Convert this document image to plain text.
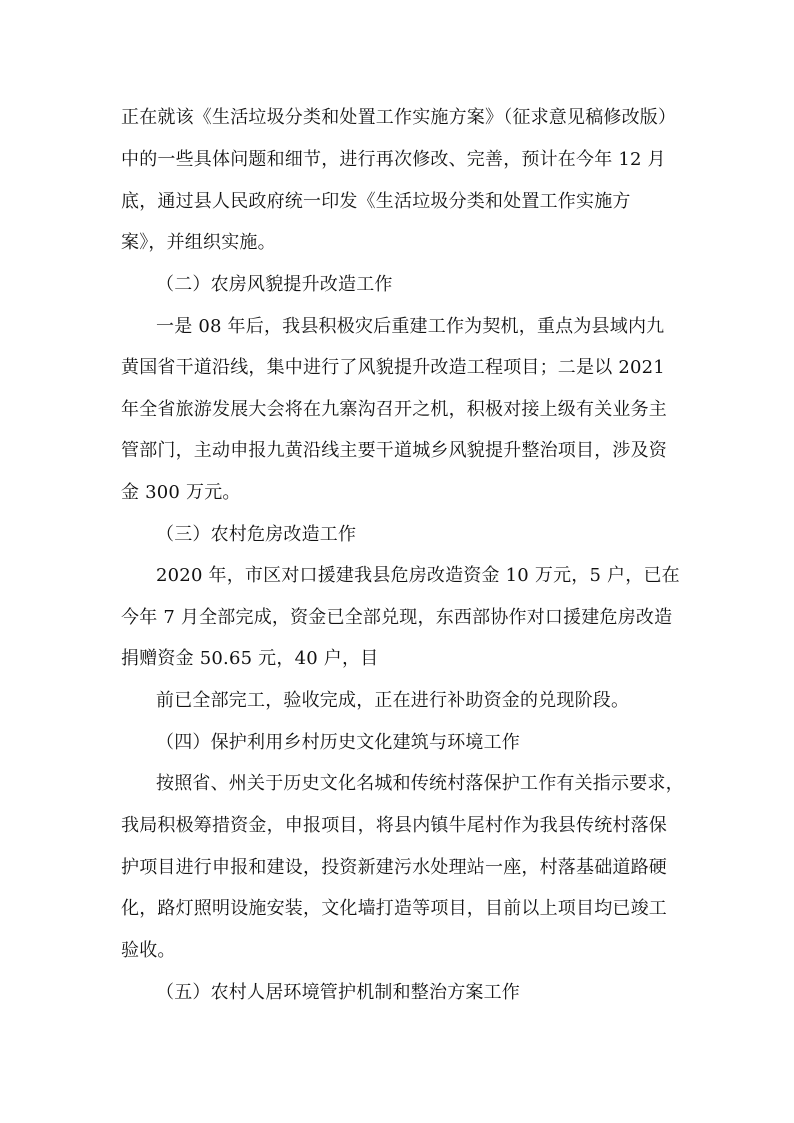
正在就该《生活垃圾分类和处置工作实施方案》（征求意见稿修改版）
中的一些具体问题和细节，进行再次修改、完善，预计在今年 12 月
底，通过县人民政府统一印发《生活垃圾分类和处置工作实施方
案》，并组织实施。
（二）农房风貌提升改造工作
一是 08 年后，我县积极灾后重建工作为契机，重点为县域内九
黄国省干道沿线，集中进行了风貌提升改造工程项目；二是以 2021
年全省旅游发展大会将在九寨沟召开之机，积极对接上级有关业务主
管部门，主动申报九黄沿线主要干道城乡风貌提升整治项目，涉及资
金 300 万元。
（三）农村危房改造工作
2020 年，市区对口援建我县危房改造资金 10 万元，5 户，已在
今年 7 月全部完成，资金已全部兑现，东西部协作对口援建危房改造
捐赠资金 50.65 元，40 户，目
前已全部完工，验收完成，正在进行补助资金的兑现阶段。
（四）保护利用乡村历史文化建筑与环境工作
按照省、州关于历史文化名城和传统村落保护工作有关指示要求，
我局积极筹措资金，申报项目，将县内镇牛尾村作为我县传统村落保
护项目进行申报和建设，投资新建污水处理站一座，村落基础道路硬
化，路灯照明设施安装，文化墙打造等项目，目前以上项目均已竣工
验收。
（五）农村人居环境管护机制和整治方案工作
